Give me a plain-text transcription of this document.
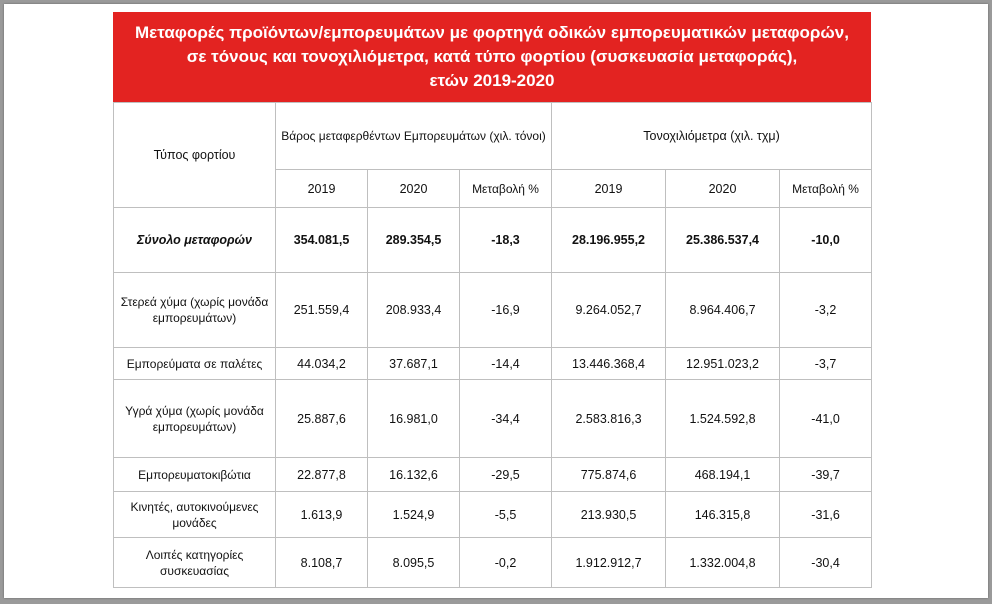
Μεταφορές προϊόντων/εμπορευμάτων με φορτηγά οδικών εμπορευματικών μεταφορών,
σε τόνους και τονοχιλιόμετρα, κατά τύπο φορτίου (συσκευασία μεταφοράς),
ετών 2019-2020
Τύπος φορτίου	Βάρος μεταφερθέντων Εμπορευμάτων (χιλ. τόνοι)			Τονοχιλιόμετρα (χιλ. τχμ)		
	2019	2020	Μεταβολή %	2019	2020	Μεταβολή %
Σύνολο μεταφορών	354.081,5	289.354,5	-18,3	28.196.955,2	25.386.537,4	-10,0
Στερεά χύμα (χωρίς μονάδα εμπορευμάτων)	251.559,4	208.933,4	-16,9	9.264.052,7	8.964.406,7	-3,2
Εμπορεύματα σε παλέτες	44.034,2	37.687,1	-14,4	13.446.368,4	12.951.023,2	-3,7
Υγρά χύμα (χωρίς μονάδα εμπορευμάτων)	25.887,6	16.981,0	-34,4	2.583.816,3	1.524.592,8	-41,0
Εμπορευματοκιβώτια	22.877,8	16.132,6	-29,5	775.874,6	468.194,1	-39,7
Κινητές, αυτοκινούμενες μονάδες	1.613,9	1.524,9	-5,5	213.930,5	146.315,8	-31,6
Λοιπές κατηγορίες συσκευασίας	8.108,7	8.095,5	-0,2	1.912.912,7	1.332.004,8	-30,4
